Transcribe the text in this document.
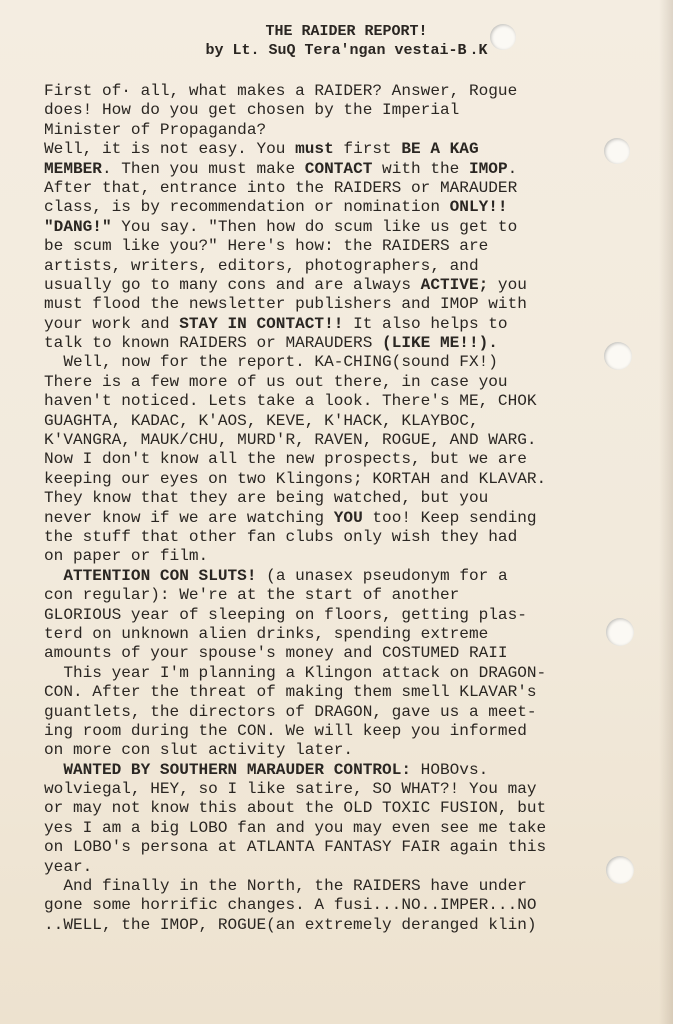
THE RAIDER REPORT!

by Lt. SuQ Tera'ngan vestai-B .K

First of· all, what makes a RAIDER? Answer, Rogue
does! How do you get chosen by the Imperial
Minister of Propaganda?
Well, it is not easy. You must first BE A KAG
MEMBER. Then you must make CONTACT with the IMOP.
After that, entrance into the RAIDERS or MARAUDER
class, is by recommendation or nomination ONLY!!
"DANG!" You say. "Then how do scum like us get to
be scum like you?" Here's how: the RAIDERS are
artists, writers, editors, photographers, and
usually go to many cons and are always ACTIVE; you
must flood the newsletter publishers and IMOP with
your work and STAY IN CONTACT!! It also helps to
talk to known RAIDERS or MARAUDERS (LIKE ME!!).
Well, now for the report. KA-CHING(sound FX!)
There is a few more of us out there, in case you
haven't noticed. Lets take a look. There's ME, CHOK
GUAGHTA, KADAC, K'AOS, KEVE, K'HACK, KLAYBOC,
K'VANGRA, MAUK/CHU, MURD'R, RAVEN, ROGUE, AND WARG.
Now I don't know all the new prospects, but we are
keeping our eyes on two Klingons; KORTAH and KLAVAR.
They know that they are being watched, but you
never know if we are watching YOU too! Keep sending
the stuff that other fan clubs only wish they had
on paper or film.
ATTENTION CON SLUTS! (a unasex pseudonym for a
con regular): We're at the start of another
GLORIOUS year of sleeping on floors, getting plas-
terd on unknown alien drinks, spending extreme
amounts of your spouse's money and COSTUMED RAII
This year I'm planning a Klingon attack on DRAGON-
CON. After the threat of making them smell KLAVAR's
guantlets, the directors of DRAGON, gave us a meet-
ing room during the CON. We will keep you informed
on more con slut activity later.
WANTED BY SOUTHERN MARAUDER CONTROL: HOBOvs.
wolviegal, HEY, so I like satire, SO WHAT?! You may
or may not know this about the OLD TOXIC FUSION, but
yes I am a big LOBO fan and you may even see me take
on LOBO's persona at ATLANTA FANTASY FAIR again this
year.
And finally in the North, the RAIDERS have under
gone some horrific changes. A fusi...NO..IMPER...NO
..WELL, the IMOP, ROGUE(an extremely deranged klin)
